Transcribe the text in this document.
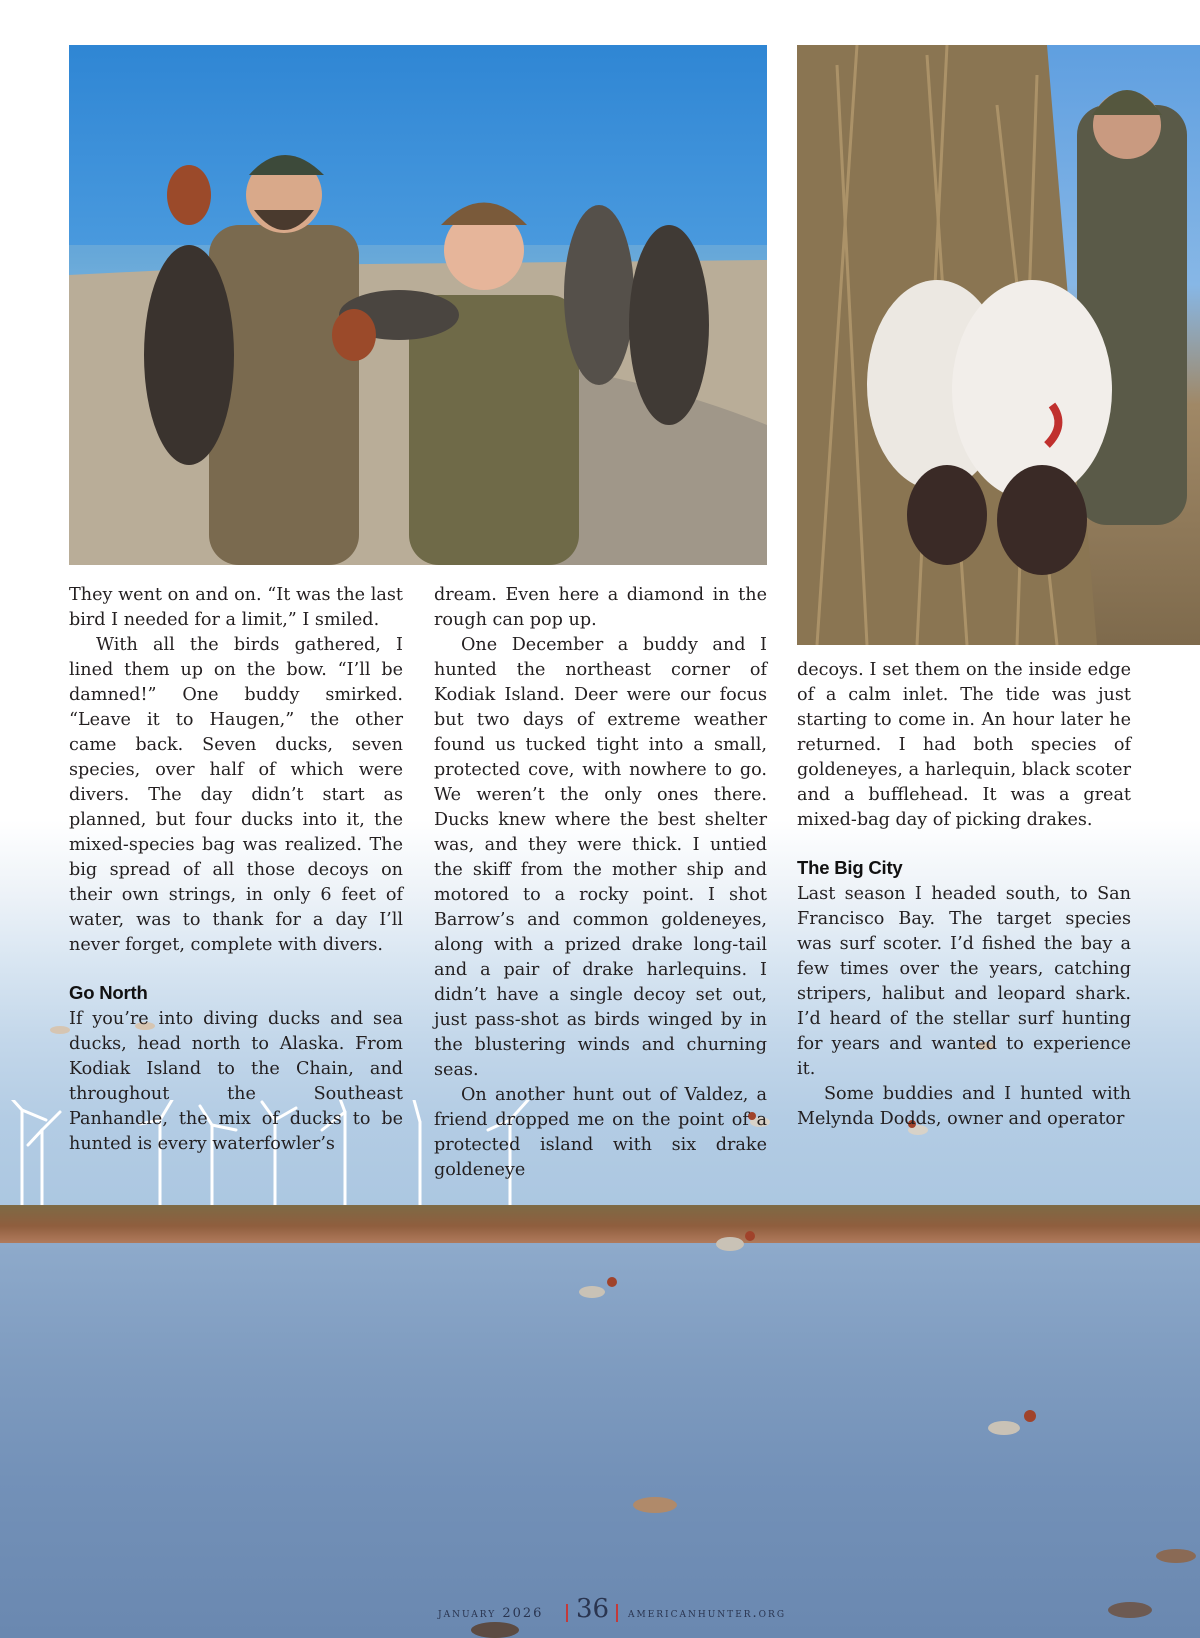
They went on and on. “It was the last bird I needed for a limit,” I smiled.

With all the birds gathered, I lined them up on the bow. “I’ll be damned!” One buddy smirked. “Leave it to Haugen,” the other came back. Seven ducks, seven species, over half of which were divers. The day didn’t start as planned, but four ducks into it, the mixed-species bag was realized. The big spread of all those decoys on their own strings, in only 6 feet of water, was to thank for a day I’ll never forget, complete with divers.

Go North

If you’re into diving ducks and sea ducks, head north to Alaska. From Kodiak Island to the Chain, and throughout the Southeast Panhandle, the mix of ducks to be hunted is every waterfowler’s

dream. Even here a diamond in the rough can pop up.

One December a buddy and I hunted the northeast corner of Kodiak Island. Deer were our focus but two days of extreme weather found us tucked tight into a small, protected cove, with nowhere to go. We weren’t the only ones there. Ducks knew where the best shelter was, and they were thick. I untied the skiff from the mother ship and motored to a rocky point. I shot Barrow’s and common goldeneyes, along with a prized drake long-tail and a pair of drake harlequins. I didn’t have a single decoy set out, just pass-shot as birds winged by in the blustering winds and churning seas.

On another hunt out of Valdez, a friend dropped me on the point of a protected island with six drake goldeneye

decoys. I set them on the inside edge of a calm inlet. The tide was just starting to come in. An hour later he returned. I had both species of goldeneyes, a harlequin, black scoter and a bufflehead. It was a great mixed-bag day of picking drakes.

The Big City

Last season I headed south, to San Francisco Bay. The target species was surf scoter. I’d fished the bay a few times over the years, catching stripers, halibut and leopard shark. I’d heard of the stellar surf hunting for years and wanted to experience it.

Some buddies and I hunted with Melynda Dodds, owner and operator

january 2026 36 americanhunter.org
